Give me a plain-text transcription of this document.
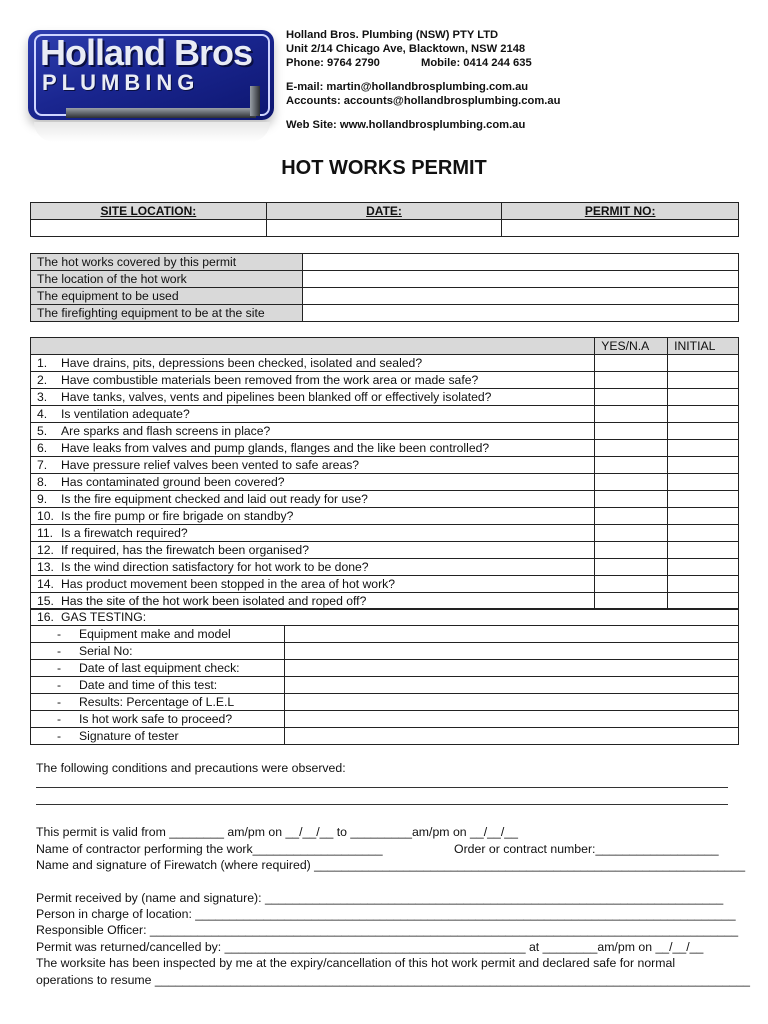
Holland Bros
PLUMBING
Holland Bros. Plumbing (NSW) PTY LTD
Unit 2/14 Chicago Ave, Blacktown, NSW 2148
Phone: 9764 2790	Mobile: 0414 244 635
E-mail: martin@hollandbrosplumbing.com.au
Accounts: accounts@hollandbrosplumbing.com.au
Web Site: www.hollandbrosplumbing.com.au
HOT WORKS PERMIT
SITE LOCATION:	DATE:	PERMIT NO:

The hot works covered by this permit	
The location of the hot work	
The equipment to be used	
The firefighting equipment to be at the site	
	YES/N.A	INITIAL
1. Have drains, pits, depressions been checked, isolated and sealed?		
2. Have combustible materials been removed from the work area or made safe?		
3. Have tanks, valves, vents and pipelines been blanked off or effectively isolated?		
4. Is ventilation adequate?		
5. Are sparks and flash screens in place?		
6. Have leaks from valves and pump glands, flanges and the like been controlled?		
7. Have pressure relief valves been vented to safe areas?		
8. Has contaminated ground been covered?		
9. Is the fire equipment checked and laid out ready for use?		
10. Is the fire pump or fire brigade on standby?		
11. Is a firewatch required?		
12. If required, has the firewatch been organised?		
13. Is the wind direction satisfactory for hot work to be done?		
14. Has product movement been stopped in the area of hot work?		
15. Has the site of the hot work been isolated and roped off?		
16. GAS TESTING:	
- Equipment make and model	
- Serial No:	
- Date of last equipment check:	
- Date and time of this test:	
- Results: Percentage of L.E.L	
- Is hot work safe to proceed?	
- Signature of tester	
The following conditions and precautions were observed:
This permit is valid from ________ am/pm on __/__/__ to _________am/pm on __/__/__
Name of contractor performing the work___________________	Order or contract number:__________________
Name and signature of Firewatch (where required) _______________________________________________________________
Permit received by (name and signature): ___________________________________________________________________
Person in charge of location: _______________________________________________________________________________
Responsible Officer: ______________________________________________________________________________________
Permit was returned/cancelled by: ____________________________________________ at ________am/pm on __/__/__
The worksite has been inspected by me at the expiry/cancellation of this hot work permit and declared safe for normal
operations to resume _______________________________________________________________________________________
